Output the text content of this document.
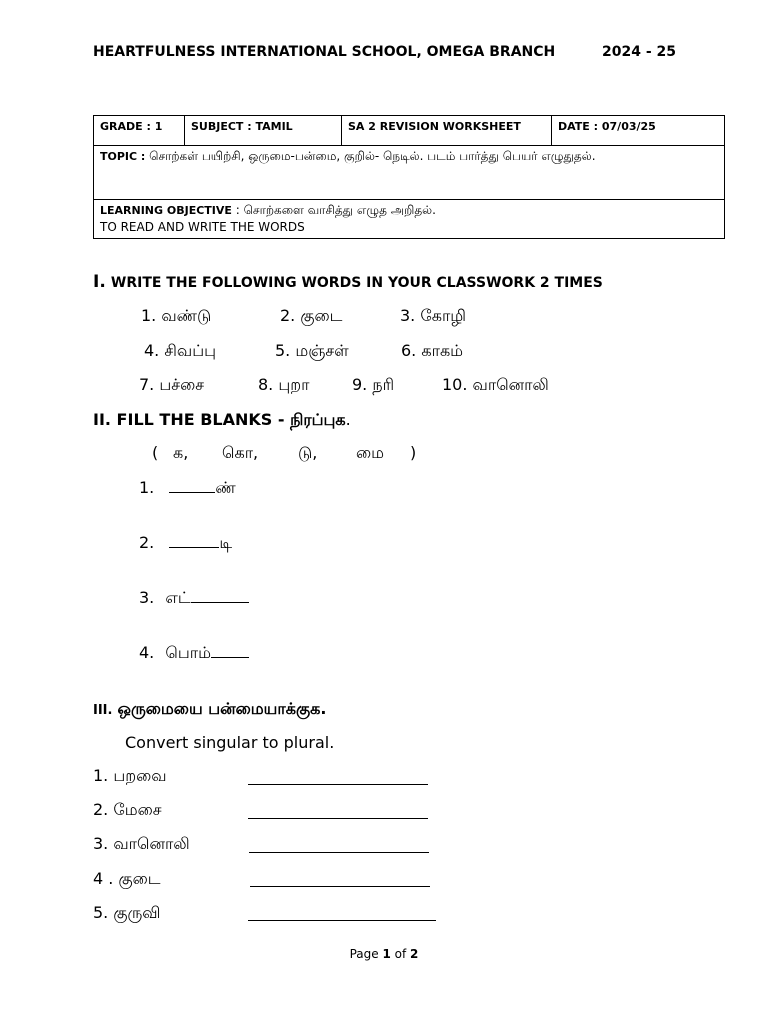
HEARTFULNESS INTERNATIONAL SCHOOL, OMEGA BRANCH	2024 - 25
GRADE : 1	SUBJECT : TAMIL	SA 2 REVISION WORKSHEET	DATE : 07/03/25
TOPIC : சொற்கள் பயிற்சி, ஒருமை-பன்மை, குறில்- நெடில். படம் பார்த்து பெயர் எழுதுதல்.
LEARNING OBJECTIVE : சொற்களை வாசித்து எழுத அறிதல்.
TO READ AND WRITE THE WORDS
I. WRITE THE FOLLOWING WORDS IN YOUR CLASSWORK 2 TIMES
1. வண்டு	2. குடை	3. கோழி
4. சிவப்பு	5. மஞ்சள்	6. காகம்
7. பச்சை	8. புறா	9. நரி	10. வானொலி
II. FILL THE BLANKS - நிரப்புக.
( க, கொ, டு, மை )
1.	ண்
2.	டி
3. எட்
4. பொம்
III. ஒருமையை பன்மையாக்குக.
Convert singular to plural.
1. பறவை
2. மேசை
3. வானொலி
4 . குடை
5. குருவி
Page 1 of 2
